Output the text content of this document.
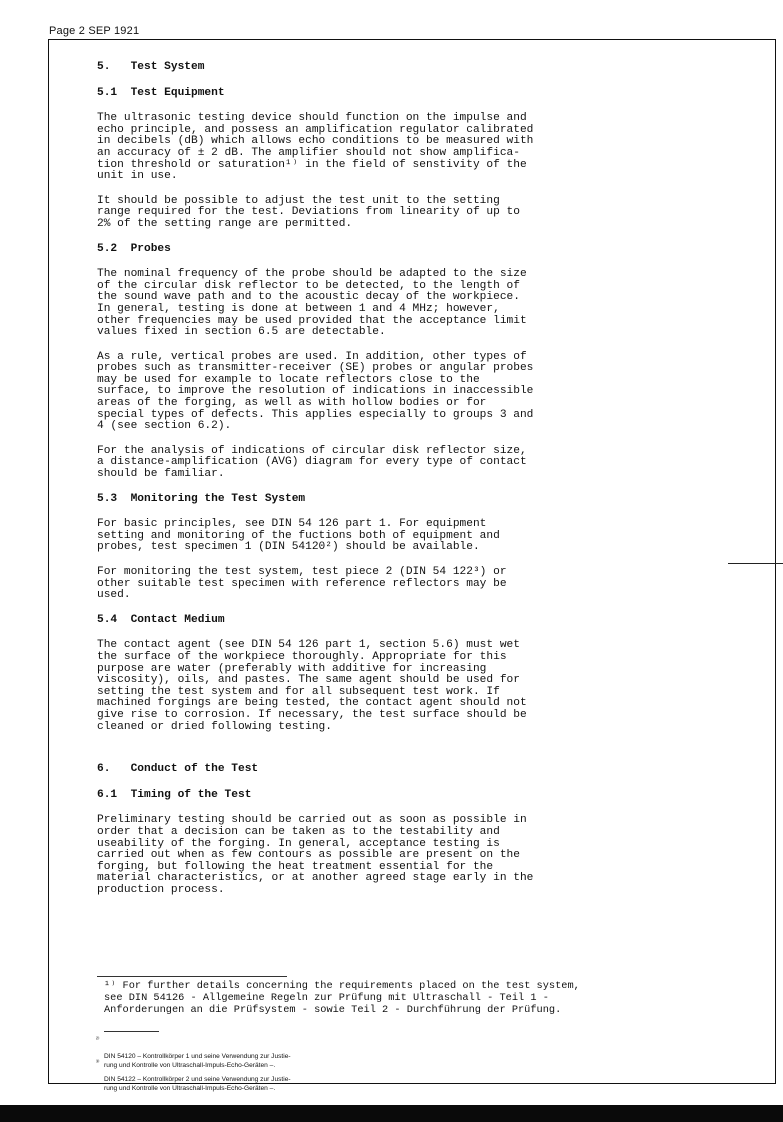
Page 2 SEP 1921

5.   Test System

5.1  Test Equipment

The ultrasonic testing device should function on the impulse and
echo principle, and possess an amplification regulator calibrated
in decibels (dB) which allows echo conditions to be measured with
an accuracy of ± 2 dB. The amplifier should not show amplifica-
tion threshold or saturation¹⁾ in the field of senstivity of the
unit in use.

It should be possible to adjust the test unit to the setting
range required for the test. Deviations from linearity of up to
2% of the setting range are permitted.

5.2  Probes

The nominal frequency of the probe should be adapted to the size
of the circular disk reflector to be detected, to the length of
the sound wave path and to the acoustic decay of the workpiece.
In general, testing is done at between 1 and 4 MHz; however,
other frequencies may be used provided that the acceptance limit
values fixed in section 6.5 are detectable.

As a rule, vertical probes are used. In addition, other types of
probes such as transmitter-receiver (SE) probes or angular probes
may be used for example to locate reflectors close to the
surface, to improve the resolution of indications in inaccessible
areas of the forging, as well as with hollow bodies or for
special types of defects. This applies especially to groups 3 and
4 (see section 6.2).

For the analysis of indications of circular disk reflector size,
a distance-amplification (AVG) diagram for every type of contact
should be familiar.

5.3  Monitoring the Test System

For basic principles, see DIN 54 126 part 1. For equipment
setting and monitoring of the fuctions both of equipment and
probes, test specimen 1 (DIN 54120²) should be available.

For monitoring the test system, test piece 2 (DIN 54 122³) or
other suitable test specimen with reference reflectors may be
used.

5.4  Contact Medium

The contact agent (see DIN 54 126 part 1, section 5.6) must wet
the surface of the workpiece thoroughly. Appropriate for this
purpose are water (preferably with additive for increasing
viscosity), oils, and pastes. The same agent should be used for
setting the test system and for all subsequent test work. If
machined forgings are being tested, the contact agent should not
give rise to corrosion. If necessary, the test surface should be
cleaned or dried following testing.

6.   Conduct of the Test

6.1  Timing of the Test

Preliminary testing should be carried out as soon as possible in
order that a decision can be taken as to the testability and
useability of the forging. In general, acceptance testing is
carried out when as few contours as possible are present on the
forging, but following the heat treatment essential for the
material characteristics, or at another agreed stage early in the
production process.

¹⁾ For further details concerning the requirements placed on the test system,
see DIN 54126 - Allgemeine Regeln zur Prüfung mit Ultraschall - Teil 1 -
Anforderungen an die Prüfsystem - sowie Teil 2 - Durchführung der Prüfung.

²⁾

DIN 54120 – Kontrollkörper 1 und seine Verwendung zur Justie-
rung und Kontrolle von Ultraschall-Impuls-Echo-Geräten –.

³⁾

DIN 54122 – Kontrollkörper 2 und seine Verwendung zur Justie-
rung und Kontrolle von Ultraschall-Impuls-Echo-Geräten –.
